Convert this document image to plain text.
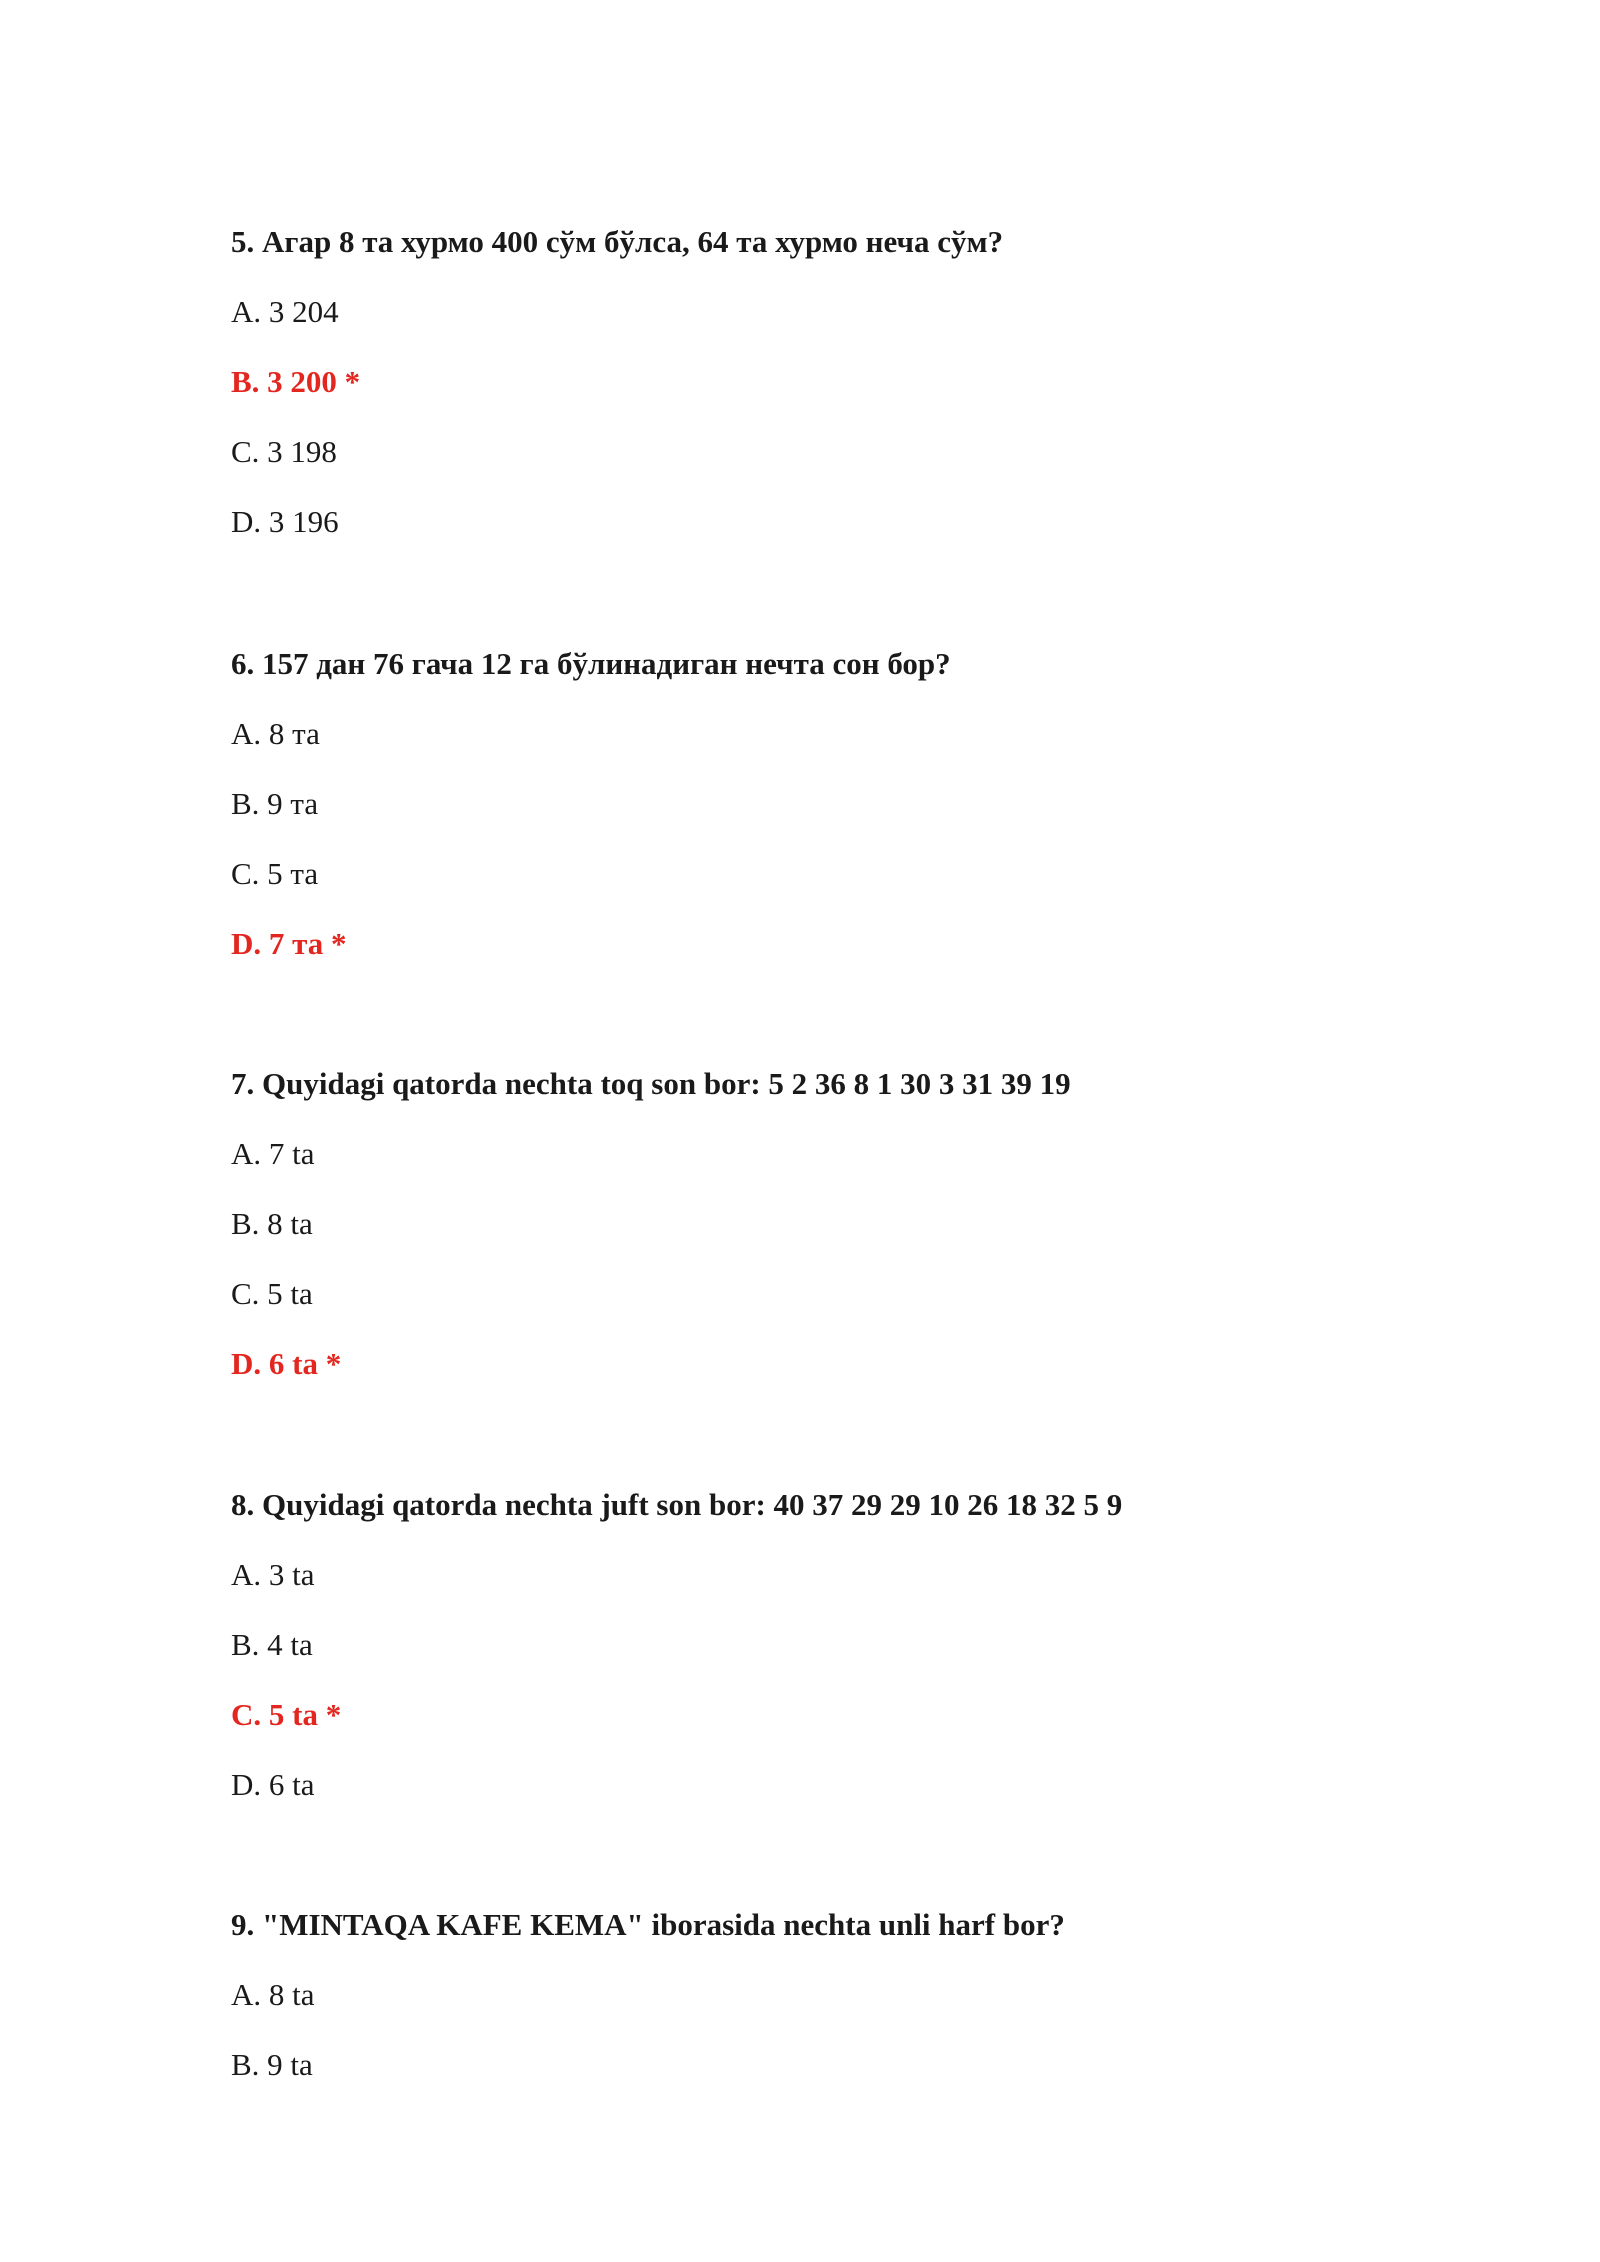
5. Агар 8 та хурмо 400 сўм бўлса, 64 та хурмо неча сўм?

A. 3 204
B. 3 200 *
C. 3 198
D. 3 196

6. 157 дан 76 гача 12 га бўлинадиган нечта сон бор?

A. 8 та
B. 9 та
C. 5 та
D. 7 та *

7. Quyidagi qatorda nechta toq son bor: 5 2 36 8 1 30 3 31 39 19

A. 7 ta
B. 8 ta
C. 5 ta
D. 6 ta *

8. Quyidagi qatorda nechta juft son bor: 40 37 29 29 10 26 18 32 5 9

A. 3 ta
B. 4 ta
C. 5 ta *
D. 6 ta

9. "MINTAQA KAFE KEMA" iborasida nechta unli harf bor?

A. 8 ta
B. 9 ta
